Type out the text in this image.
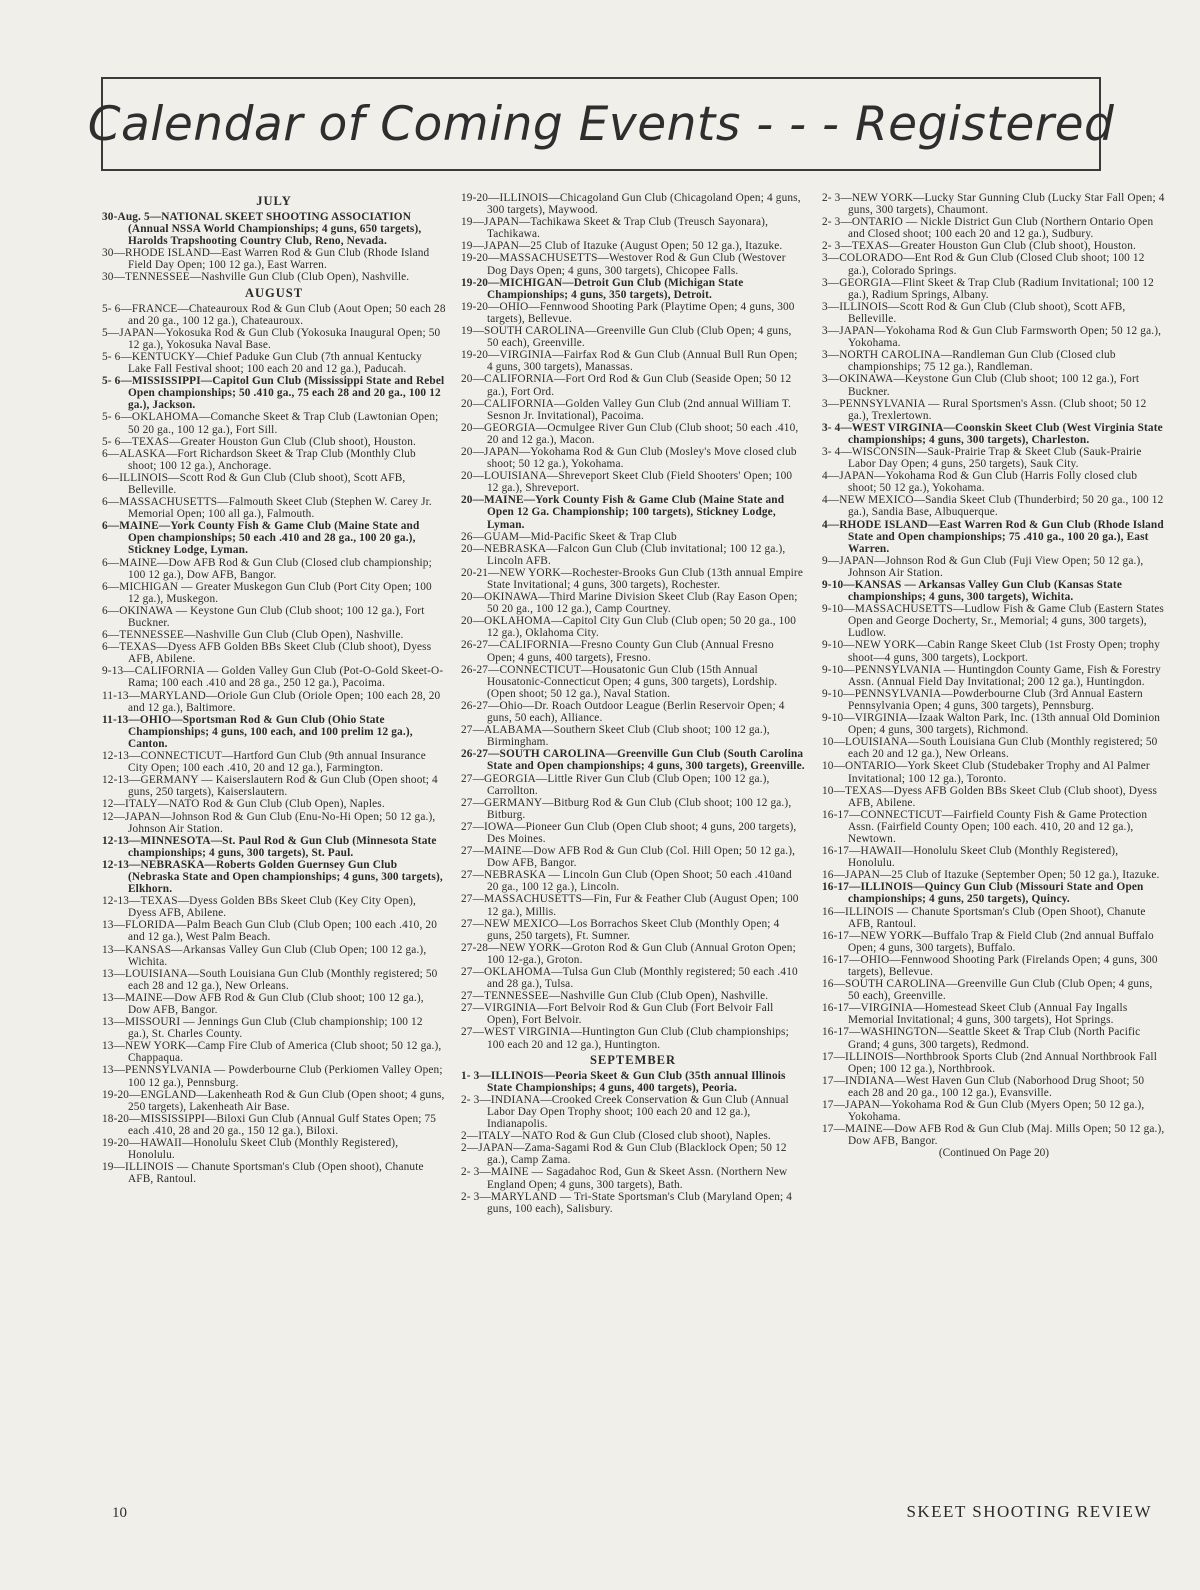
Calendar of Coming Events - - - Registered
JULY
30-Aug. 5—NATIONAL SKEET SHOOTING ASSOCIATION (Annual NSSA World Championships; 4 guns, 650 targets), Harolds Trapshooting Country Club, Reno, Nevada.
30—RHODE ISLAND—East Warren Rod & Gun Club (Rhode Island Field Day Open; 100 12 ga.), East Warren.
30—TENNESSEE—Nashville Gun Club (Club Open), Nashville.
AUGUST
5- 6—FRANCE—Chateauroux Rod & Gun Club (Aout Open; 50 each 28 and 20 ga., 100 12 ga.), Chateauroux.
5—JAPAN—Yokosuka Rod & Gun Club (Yokosuka Inaugural Open; 50 12 ga.), Yokosuka Naval Base.
5- 6—KENTUCKY—Chief Paduke Gun Club (7th annual Kentucky Lake Fall Festival shoot; 100 each 20 and 12 ga.), Paducah.
5- 6—MISSISSIPPI—Capitol Gun Club (Mississippi State and Rebel Open championships; 50 .410 ga., 75 each 28 and 20 ga., 100 12 ga.), Jackson.
5- 6—OKLAHOMA—Comanche Skeet & Trap Club (Lawtonian Open; 50 20 ga., 100 12 ga.), Fort Sill.
5- 6—TEXAS—Greater Houston Gun Club (Club shoot), Houston.
6—ALASKA—Fort Richardson Skeet & Trap Club (Monthly Club shoot; 100 12 ga.), Anchorage.
6—ILLINOIS—Scott Rod & Gun Club (Club shoot), Scott AFB, Belleville.
6—MASSACHUSETTS—Falmouth Skeet Club (Stephen W. Carey Jr. Memorial Open; 100 all ga.), Falmouth.
6—MAINE—York County Fish & Game Club (Maine State and Open championships; 50 each .410 and 28 ga., 100 20 ga.), Stickney Lodge, Lyman.
6—MAINE—Dow AFB Rod & Gun Club (Closed club championship; 100 12 ga.), Dow AFB, Bangor.
6—MICHIGAN — Greater Muskegon Gun Club (Port City Open; 100 12 ga.), Muskegon.
6—OKINAWA — Keystone Gun Club (Club shoot; 100 12 ga.), Fort Buckner.
6—TENNESSEE—Nashville Gun Club (Club Open), Nashville.
6—TEXAS—Dyess AFB Golden BBs Skeet Club (Club shoot), Dyess AFB, Abilene.
9-13—CALIFORNIA — Golden Valley Gun Club (Pot-O-Gold Skeet-O-Rama; 100 each .410 and 28 ga., 250 12 ga.), Pacoima.
11-13—MARYLAND—Oriole Gun Club (Oriole Open; 100 each 28, 20 and 12 ga.), Baltimore.
11-13—OHIO—Sportsman Rod & Gun Club (Ohio State Championships; 4 guns, 100 each, and 100 prelim 12 ga.), Canton.
12-13—CONNECTICUT—Hartford Gun Club (9th annual Insurance City Open; 100 each .410, 20 and 12 ga.), Farmington.
12-13—GERMANY — Kaiserslautern Rod & Gun Club (Open shoot; 4 guns, 250 targets), Kaiserslautern.
12—ITALY—NATO Rod & Gun Club (Club Open), Naples.
12—JAPAN—Johnson Rod & Gun Club (Enu-No-Hi Open; 50 12 ga.), Johnson Air Station.
12-13—MINNESOTA—St. Paul Rod & Gun Club (Minnesota State championships; 4 guns, 300 targets), St. Paul.
12-13—NEBRASKA—Roberts Golden Guernsey Gun Club (Nebraska State and Open championships; 4 guns, 300 targets), Elkhorn.
12-13—TEXAS—Dyess Golden BBs Skeet Club (Key City Open), Dyess AFB, Abilene.
13—FLORIDA—Palm Beach Gun Club (Club Open; 100 each .410, 20 and 12 ga.), West Palm Beach.
13—KANSAS—Arkansas Valley Gun Club (Club Open; 100 12 ga.), Wichita.
13—LOUISIANA—South Louisiana Gun Club (Monthly registered; 50 each 28 and 12 ga.), New Orleans.
13—MAINE—Dow AFB Rod & Gun Club (Club shoot; 100 12 ga.), Dow AFB, Bangor.
13—MISSOURI — Jennings Gun Club (Club championship; 100 12 ga.), St. Charles County.
13—NEW YORK—Camp Fire Club of America (Club shoot; 50 12 ga.), Chappaqua.
13—PENNSYLVANIA — Powderbourne Club (Perkiomen Valley Open; 100 12 ga.), Pennsburg.
19-20—ENGLAND—Lakenheath Rod & Gun Club (Open shoot; 4 guns, 250 targets), Lakenheath Air Base.
18-20—MISSISSIPPI—Biloxi Gun Club (Annual Gulf States Open; 75 each .410, 28 and 20 ga., 150 12 ga.), Biloxi.
19-20—HAWAII—Honolulu Skeet Club (Monthly Registered), Honolulu.
19—ILLINOIS — Chanute Sportsman's Club (Open shoot), Chanute AFB, Rantoul.
19-20—ILLINOIS—Chicagoland Gun Club (Chicagoland Open; 4 guns, 300 targets), Maywood.
19—JAPAN—Tachikawa Skeet & Trap Club (Treusch Sayonara), Tachikawa.
19—JAPAN—25 Club of Itazuke (August Open; 50 12 ga.), Itazuke.
19-20—MASSACHUSETTS—Westover Rod & Gun Club (Westover Dog Days Open; 4 guns, 300 targets), Chicopee Falls.
19-20—MICHIGAN—Detroit Gun Club (Michigan State Championships; 4 guns, 350 targets), Detroit.
19-20—OHIO—Fennwood Shooting Park (Playtime Open; 4 guns, 300 targets), Bellevue.
19—SOUTH CAROLINA—Greenville Gun Club (Club Open; 4 guns, 50 each), Greenville.
19-20—VIRGINIA—Fairfax Rod & Gun Club (Annual Bull Run Open; 4 guns, 300 targets), Manassas.
20—CALIFORNIA—Fort Ord Rod & Gun Club (Seaside Open; 50 12 ga.), Fort Ord.
20—CALIFORNIA—Golden Valley Gun Club (2nd annual William T. Sesnon Jr. Invitational), Pacoima.
20—GEORGIA—Ocmulgee River Gun Club (Club shoot; 50 each .410, 20 and 12 ga.), Macon.
20—JAPAN—Yokohama Rod & Gun Club (Mosley's Move closed club shoot; 50 12 ga.), Yokohama.
20—LOUISIANA—Shreveport Skeet Club (Field Shooters' Open; 100 12 ga.), Shreveport.
20—MAINE—York County Fish & Game Club (Maine State and Open 12 Ga. Championship; 100 targets), Stickney Lodge, Lyman.
26—GUAM—Mid-Pacific Skeet & Trap Club
20—NEBRASKA—Falcon Gun Club (Club invitational; 100 12 ga.), Lincoln AFB.
20-21—NEW YORK—Rochester-Brooks Gun Club (13th annual Empire State Invitational; 4 guns, 300 targets), Rochester.
20—OKINAWA—Third Marine Division Skeet Club (Ray Eason Open; 50 20 ga., 100 12 ga.), Camp Courtney.
20—OKLAHOMA—Capitol City Gun Club (Club open; 50 20 ga., 100 12 ga.), Oklahoma City.
26-27—CALIFORNIA—Fresno County Gun Club (Annual Fresno Open; 4 guns, 400 targets), Fresno.
26-27—CONNECTICUT—Housatonic Gun Club (15th Annual Housatonic-Connecticut Open; 4 guns, 300 targets), Lordship. (Open shoot; 50 12 ga.), Naval Station.
26-27—Ohio—Dr. Roach Outdoor League (Berlin Reservoir Open; 4 guns, 50 each), Alliance.
27—ALABAMA—Southern Skeet Club (Club shoot; 100 12 ga.), Birmingham.
26-27—SOUTH CAROLINA—Greenville Gun Club (South Carolina State and Open championships; 4 guns, 300 targets), Greenville.
27—GEORGIA—Little River Gun Club (Club Open; 100 12 ga.), Carrollton.
27—GERMANY—Bitburg Rod & Gun Club (Club shoot; 100 12 ga.), Bitburg.
27—IOWA—Pioneer Gun Club (Open Club shoot; 4 guns, 200 targets), Des Moines.
27—MAINE—Dow AFB Rod & Gun Club (Col. Hill Open; 50 12 ga.), Dow AFB, Bangor.
27—NEBRASKA — Lincoln Gun Club (Open Shoot; 50 each .410and 20 ga., 100 12 ga.), Lincoln.
27—MASSACHUSETTS—Fin, Fur & Feather Club (August Open; 100 12 ga.), Millis.
27—NEW MEXICO—Los Borrachos Skeet Club (Monthly Open; 4 guns, 250 targets), Ft. Sumner.
27-28—NEW YORK—Groton Rod & Gun Club (Annual Groton Open; 100 12-ga.), Groton.
27—OKLAHOMA—Tulsa Gun Club (Monthly registered; 50 each .410 and 28 ga.), Tulsa.
27—TENNESSEE—Nashville Gun Club (Club Open), Nashville.
27—VIRGINIA—Fort Belvoir Rod & Gun Club (Fort Belvoir Fall Open), Fort Belvoir.
27—WEST VIRGINIA—Huntington Gun Club (Club championships; 100 each 20 and 12 ga.), Huntington.
SEPTEMBER
1- 3—ILLINOIS—Peoria Skeet & Gun Club (35th annual Illinois State Championships; 4 guns, 400 targets), Peoria.
2- 3—INDIANA—Crooked Creek Conservation & Gun Club (Annual Labor Day Open Trophy shoot; 100 each 20 and 12 ga.), Indianapolis.
2—ITALY—NATO Rod & Gun Club (Closed club shoot), Naples.
2—JAPAN—Zama-Sagami Rod & Gun Club (Blacklock Open; 50 12 ga.), Camp Zama.
2- 3—MAINE — Sagadahoc Rod, Gun & Skeet Assn. (Northern New England Open; 4 guns, 300 targets), Bath.
2- 3—MARYLAND — Tri-State Sportsman's Club (Maryland Open; 4 guns, 100 each), Salisbury.
2- 3—NEW YORK—Lucky Star Gunning Club (Lucky Star Fall Open; 4 guns, 300 targets), Chaumont.
2- 3—ONTARIO — Nickle District Gun Club (Northern Ontario Open and Closed shoot; 100 each 20 and 12 ga.), Sudbury.
2- 3—TEXAS—Greater Houston Gun Club (Club shoot), Houston.
3—COLORADO—Ent Rod & Gun Club (Closed Club shoot; 100 12 ga.), Colorado Springs.
3—GEORGIA—Flint Skeet & Trap Club (Radium Invitational; 100 12 ga.), Radium Springs, Albany.
3—ILLINOIS—Scott Rod & Gun Club (Club shoot), Scott AFB, Belleville.
3—JAPAN—Yokohama Rod & Gun Club Farmsworth Open; 50 12 ga.), Yokohama.
3—NORTH CAROLINA—Randleman Gun Club (Closed club championships; 75 12 ga.), Randleman.
3—OKINAWA—Keystone Gun Club (Club shoot; 100 12 ga.), Fort Buckner.
3—PENNSYLVANIA — Rural Sportsmen's Assn. (Club shoot; 50 12 ga.), Trexlertown.
3- 4—WEST VIRGINIA—Coonskin Skeet Club (West Virginia State championships; 4 guns, 300 targets), Charleston.
3- 4—WISCONSIN—Sauk-Prairie Trap & Skeet Club (Sauk-Prairie Labor Day Open; 4 guns, 250 targets), Sauk City.
4—JAPAN—Yokohama Rod & Gun Club (Harris Folly closed club shoot; 50 12 ga.), Yokohama.
4—NEW MEXICO—Sandia Skeet Club (Thunderbird; 50 20 ga., 100 12 ga.), Sandia Base, Albuquerque.
4—RHODE ISLAND—East Warren Rod & Gun Club (Rhode Island State and Open championships; 75 .410 ga., 100 20 ga.), East Warren.
9—JAPAN—Johnson Rod & Gun Club (Fuji View Open; 50 12 ga.), Johnson Air Station.
9-10—KANSAS — Arkansas Valley Gun Club (Kansas State championships; 4 guns, 300 targets), Wichita.
9-10—MASSACHUSETTS—Ludlow Fish & Game Club (Eastern States Open and George Docherty, Sr., Memorial; 4 guns, 300 targets), Ludlow.
9-10—NEW YORK—Cabin Range Skeet Club (1st Frosty Open; trophy shoot—4 guns, 300 targets), Lockport.
9-10—PENNSYLVANIA — Huntingdon County Game, Fish & Forestry Assn. (Annual Field Day Invitational; 200 12 ga.), Huntingdon.
9-10—PENNSYLVANIA—Powderbourne Club (3rd Annual Eastern Pennsylvania Open; 4 guns, 300 targets), Pennsburg.
9-10—VIRGINIA—Izaak Walton Park, Inc. (13th annual Old Dominion Open; 4 guns, 300 targets), Richmond.
10—LOUISIANA—South Louisiana Gun Club (Monthly registered; 50 each 20 and 12 ga.), New Orleans.
10—ONTARIO—York Skeet Club (Studebaker Trophy and Al Palmer Invitational; 100 12 ga.), Toronto.
10—TEXAS—Dyess AFB Golden BBs Skeet Club (Club shoot), Dyess AFB, Abilene.
16-17—CONNECTICUT—Fairfield County Fish & Game Protection Assn. (Fairfield County Open; 100 each. 410, 20 and 12 ga.), Newtown.
16-17—HAWAII—Honolulu Skeet Club (Monthly Registered), Honolulu.
16—JAPAN—25 Club of Itazuke (September Open; 50 12 ga.), Itazuke.
16-17—ILLINOIS—Quincy Gun Club (Missouri State and Open championships; 4 guns, 250 targets), Quincy.
16—ILLINOIS — Chanute Sportsman's Club (Open Shoot), Chanute AFB, Rantoul.
16-17—NEW YORK—Buffalo Trap & Field Club (2nd annual Buffalo Open; 4 guns, 300 targets), Buffalo.
16-17—OHIO—Fennwood Shooting Park (Firelands Open; 4 guns, 300 targets), Bellevue.
16—SOUTH CAROLINA—Greenville Gun Club (Club Open; 4 guns, 50 each), Greenville.
16-17—VIRGINIA—Homestead Skeet Club (Annual Fay Ingalls Memorial Invitational; 4 guns, 300 targets), Hot Springs.
16-17—WASHINGTON—Seattle Skeet & Trap Club (North Pacific Grand; 4 guns, 300 targets), Redmond.
17—ILLINOIS—Northbrook Sports Club (2nd Annual Northbrook Fall Open; 100 12 ga.), Northbrook.
17—INDIANA—West Haven Gun Club (Naborhood Drug Shoot; 50 each 28 and 20 ga., 100 12 ga.), Evansville.
17—JAPAN—Yokohama Rod & Gun Club (Myers Open; 50 12 ga.), Yokohama.
17—MAINE—Dow AFB Rod & Gun Club (Maj. Mills Open; 50 12 ga.), Dow AFB, Bangor.
(Continued On Page 20)
10	SKEET SHOOTING REVIEW
